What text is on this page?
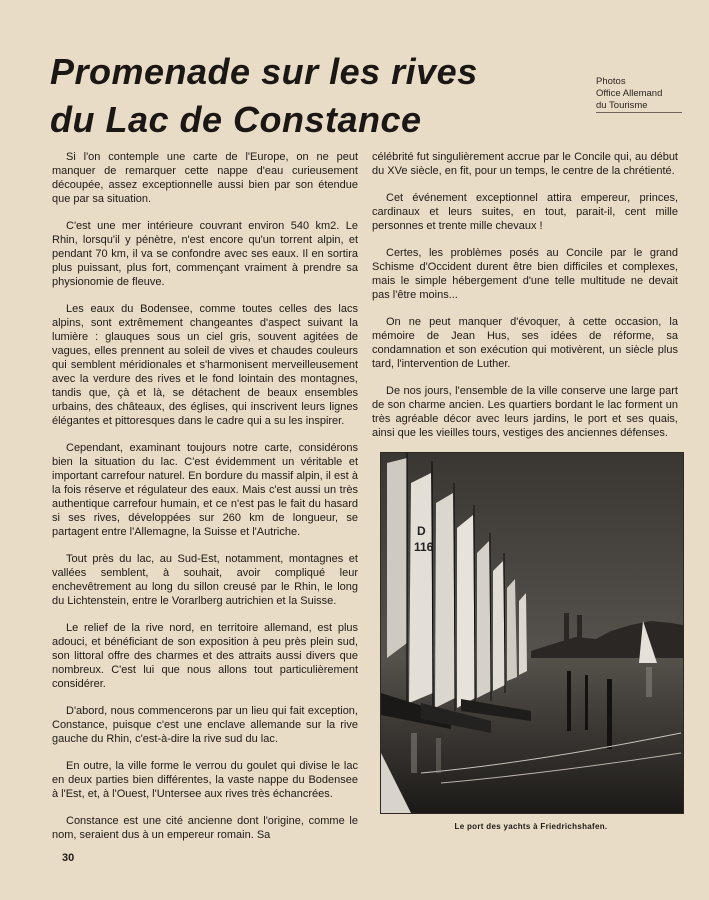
Promenade sur les rives
du Lac de Constance
Photos
Office Allemand
du Tourisme

Si l'on contemple une carte de l'Europe, on ne peut manquer de remarquer cette nappe d'eau curieusement découpée, assez exceptionnelle aussi bien par son étendue que par sa situation.

C'est une mer intérieure couvrant environ 540 km2. Le Rhin, lorsqu'il y pénètre, n'est encore qu'un torrent alpin, et pendant 70 km, il va se confondre avec ses eaux. Il en sortira plus puissant, plus fort, commençant vraiment à prendre sa physionomie de fleuve.

Les eaux du Bodensee, comme toutes celles des lacs alpins, sont extrêmement changeantes d'aspect suivant la lumière : glauques sous un ciel gris, souvent agitées de vagues, elles prennent au soleil de vives et chaudes couleurs qui semblent méridionales et s'harmonisent merveilleusement avec la verdure des rives et le fond lointain des montagnes, tandis que, çà et là, se détachent de beaux ensembles urbains, des châteaux, des églises, qui inscrivent leurs lignes élégantes et pittoresques dans le cadre qui a su les inspirer.

Cependant, examinant toujours notre carte, considérons bien la situation du lac. C'est évidemment un véritable et important carrefour naturel. En bordure du massif alpin, il est à la fois réserve et régulateur des eaux. Mais c'est aussi un très authentique carrefour humain, et ce n'est pas le fait du hasard si ses rives, développées sur 260 km de longueur, se partagent entre l'Allemagne, la Suisse et l'Autriche.

Tout près du lac, au Sud-Est, notamment, montagnes et vallées semblent, à souhait, avoir compliqué leur enchevêtrement au long du sillon creusé par le Rhin, le long du Lichtenstein, entre le Vorarlberg autrichien et la Suisse.

Le relief de la rive nord, en territoire allemand, est plus adouci, et bénéficiant de son exposition à peu près plein sud, son littoral offre des charmes et des attraits aussi divers que nombreux. C'est lui que nous allons tout particulièrement considérer.

D'abord, nous commencerons par un lieu qui fait exception, Constance, puisque c'est une enclave allemande sur la rive gauche du Rhin, c'est-à-dire la rive sud du lac.

En outre, la ville forme le verrou du goulet qui divise le lac en deux parties bien différentes, la vaste nappe du Bodensee à l'Est, et, à l'Ouest, l'Untersee aux rives très échancrées.

Constance est une cité ancienne dont l'origine, comme le nom, seraient dus à un empereur romain. Sa

célébrité fut singulièrement accrue par le Concile qui, au début du XVe siècle, en fit, pour un temps, le centre de la chrétienté.

Cet événement exceptionnel attira empereur, princes, cardinaux et leurs suites, en tout, parait-il, cent mille personnes et trente mille chevaux !

Certes, les problèmes posés au Concile par le grand Schisme d'Occident durent être bien difficiles et complexes, mais le simple hébergement d'une telle multitude ne devait pas l'être moins...

On ne peut manquer d'évoquer, à cette occasion, la mémoire de Jean Hus, ses idées de réforme, sa condamnation et son exécution qui motivèrent, un siècle plus tard, l'intervention de Luther.

De nos jours, l'ensemble de la ville conserve une large part de son charme ancien. Les quartiers bordant le lac forment un très agréable décor avec leurs jardins, le port et ses quais, ainsi que les vieilles tours, vestiges des anciennes défenses.

D
116
Le port des yachts à Friedrichshafen.
30
